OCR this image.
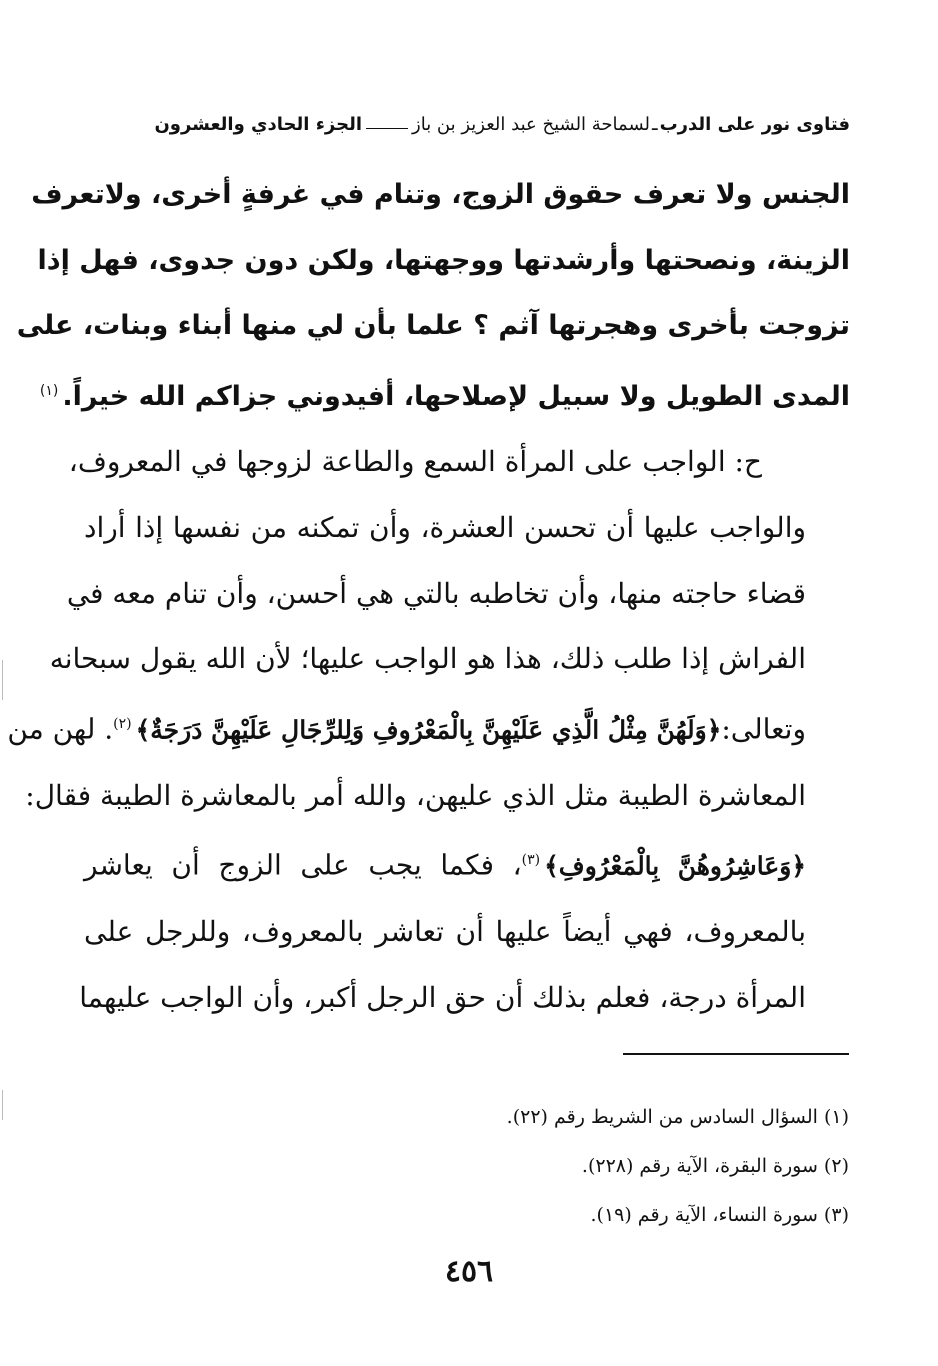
فتاوى نور على الدرب
ـ
لسماحة الشيخ عبد العزيز بن باز
الجزء الحادي والعشرون
الجنس ولا تعرف حقوق الزوج، وتنام في غرفةٍ أخرى، ولاتعرف
الزينة، ونصحتها وأرشدتها ووجهتها، ولكن دون جدوى، فهل إذا
تزوجت بأخرى وهجرتها آثم ؟ علما بأن لي منها أبناء وبنات، على
المدى الطويل ولا سبيل لإصلاحها، أفيدوني جزاكم الله خيراً.$^{(١)}$
ح: الواجب على المرأة السمع والطاعة لزوجها في المعروف،
والواجب عليها أن تحسن العشرة، وأن تمكنه من نفسها إذا أراد
قضاء حاجته منها، وأن تخاطبه بالتي هي أحسن، وأن تنام معه في
الفراش إذا طلب ذلك، هذا هو الواجب عليها؛ لأن الله يقول سبحانه
وتعالى:﴿وَلَهُنَّ مِثْلُ الَّذِي عَلَيْهِنَّ بِالْمَعْرُوفِ وَلِلرِّجَالِ عَلَيْهِنَّ دَرَجَةٌ﴾$^{(٢)}$. لهن من
المعاشرة الطيبة مثل الذي عليهن، والله أمر بالمعاشرة الطيبة فقال:
﴿وَعَاشِرُوهُنَّ بِالْمَعْرُوفِ﴾$^{(٣)}$، فكما يجب على الزوج أن يعاشر
بالمعروف، فهي أيضاً عليها أن تعاشر بالمعروف، وللرجل على
المرأة درجة، فعلم بذلك أن حق الرجل أكبر، وأن الواجب عليهما
(١) السؤال السادس من الشريط رقم (٢٢).
(٢) سورة البقرة، الآية رقم (٢٢٨).
(٣) سورة النساء، الآية رقم (١٩).
٤٥٦
